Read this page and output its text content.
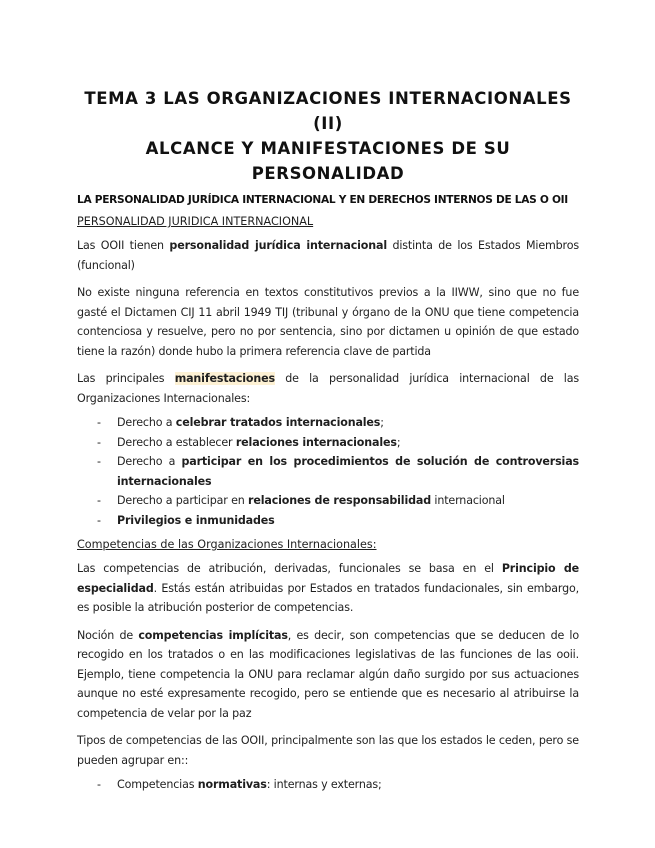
TEMA 3 LAS ORGANIZACIONES INTERNACIONALES (II)
ALCANCE Y MANIFESTACIONES DE SU PERSONALIDAD
LA PERSONALIDAD JURÍDICA INTERNACIONAL Y EN DERECHOS INTERNOS DE LAS O OII
PERSONALIDAD JURIDICA INTERNACIONAL

Las OOII tienen personalidad jurídica internacional distinta de los Estados Miembros (funcional)

No existe ninguna referencia en textos constitutivos previos a la IIWW, sino que no fue gasté el Dictamen CIJ 11 abril 1949 TIJ (tribunal y órgano de la ONU que tiene competencia contenciosa y resuelve, pero no por sentencia, sino por dictamen u opinión de que estado tiene la razón) donde hubo la primera referencia clave de partida

Las principales manifestaciones de la personalidad jurídica internacional de las Organizaciones Internacionales:

- Derecho a celebrar tratados internacionales;
- Derecho a establecer relaciones internacionales;
- Derecho a participar en los procedimientos de solución de controversias internacionales
- Derecho a participar en relaciones de responsabilidad internacional
- Privilegios e inmunidades
Competencias de las Organizaciones Internacionales:

Las competencias de atribución, derivadas, funcionales se basa en el Principio de especialidad. Estás están atribuidas por Estados en tratados fundacionales, sin embargo, es posible la atribución posterior de competencias.

Noción de competencias implícitas, es decir, son competencias que se deducen de lo recogido en los tratados o en las modificaciones legislativas de las funciones de las ooii. Ejemplo, tiene competencia la ONU para reclamar algún daño surgido por sus actuaciones aunque no esté expresamente recogido, pero se entiende que es necesario al atribuirse la competencia de velar por la paz

Tipos de competencias de las OOII, principalmente son las que los estados le ceden, pero se pueden agrupar en::

- Competencias normativas: internas y externas;
